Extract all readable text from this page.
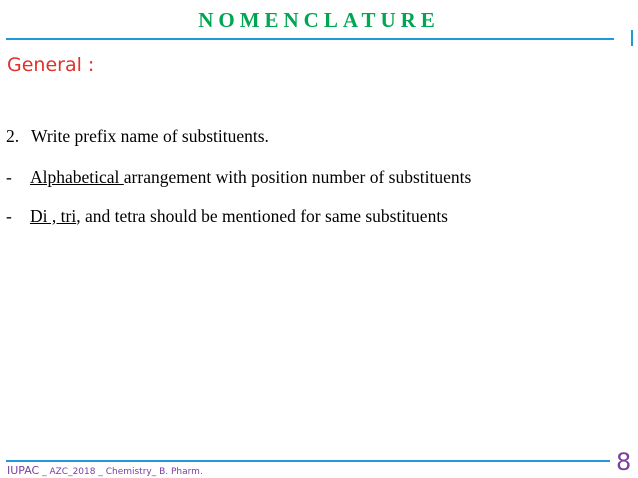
NOMENCLATURE
General :
2. Write prefix name of substituents.
- Alphabetical arrangement with position number of substituents
- Di , tri, and tetra should be mentioned for same substituents
IUPAC _ AZC_2018 _ Chemistry_ B. Pharm.	8
